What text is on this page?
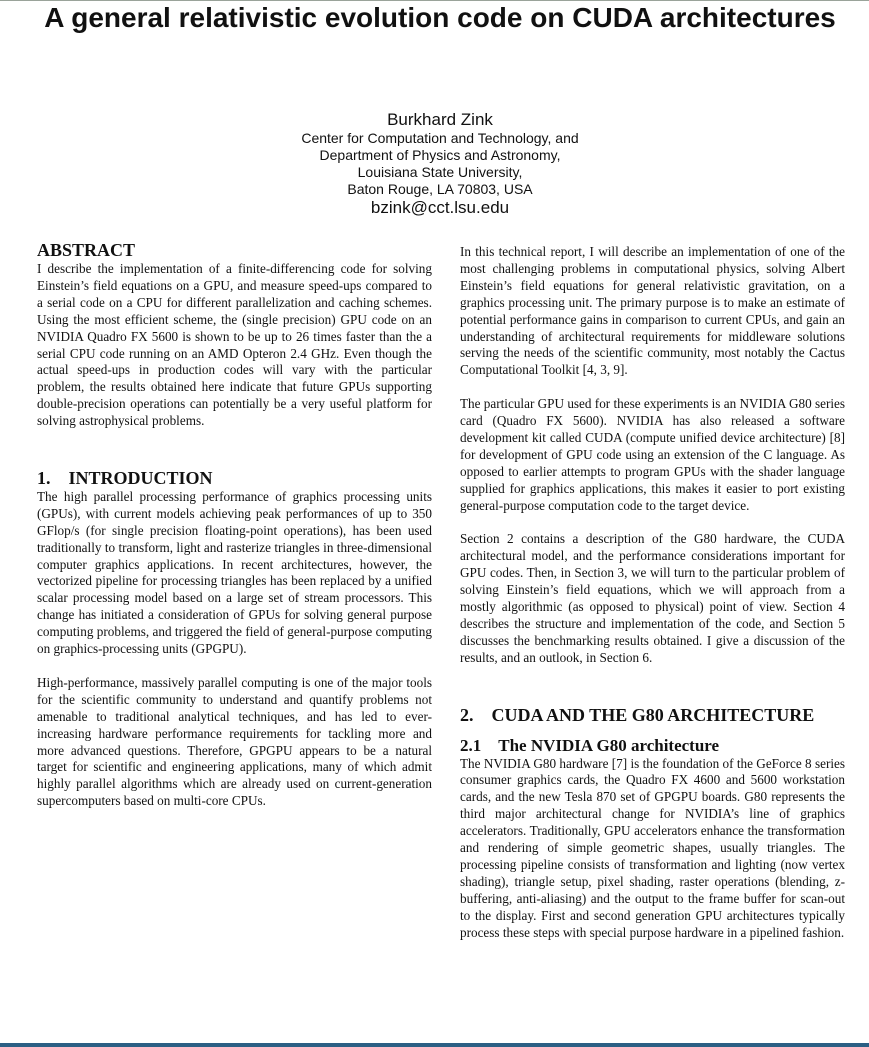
A general relativistic evolution code on CUDA architectures
Burkhard Zink
Center for Computation and Technology, and
Department of Physics and Astronomy,
Louisiana State University,
Baton Rouge, LA 70803, USA
bzink@cct.lsu.edu
ABSTRACT

I describe the implementation of a finite-differencing code for solving Einstein’s field equations on a GPU, and measure speed-ups compared to a serial code on a CPU for different parallelization and caching schemes. Using the most efficient scheme, the (single precision) GPU code on an NVIDIA Quadro FX 5600 is shown to be up to 26 times faster than the a serial CPU code running on an AMD Opteron 2.4 GHz. Even though the actual speed-ups in production codes will vary with the particular problem, the results obtained here indicate that future GPUs supporting double-precision operations can potentially be a very useful platform for solving astrophysical problems.

1. INTRODUCTION

The high parallel processing performance of graphics processing units (GPUs), with current models achieving peak performances of up to 350 GFlop/s (for single precision floating-point operations), has been used traditionally to transform, light and rasterize triangles in three-dimensional computer graphics applications. In recent architectures, however, the vectorized pipeline for processing triangles has been replaced by a unified scalar processing model based on a large set of stream processors. This change has initiated a consideration of GPUs for solving general purpose computing problems, and triggered the field of general-purpose computing on graphics-processing units (GPGPU).

High-performance, massively parallel computing is one of the major tools for the scientific community to understand and quantify problems not amenable to traditional analytical techniques, and has led to ever-increasing hardware performance requirements for tackling more and more advanced questions. Therefore, GPGPU appears to be a natural target for scientific and engineering applications, many of which admit highly parallel algorithms which are already used on current-generation supercomputers based on multi-core CPUs.

In this technical report, I will describe an implementation of one of the most challenging problems in computational physics, solving Albert Einstein’s field equations for general relativistic gravitation, on a graphics processing unit. The primary purpose is to make an estimate of potential performance gains in comparison to current CPUs, and gain an understanding of architectural requirements for middleware solutions serving the needs of the scientific community, most notably the Cactus Computational Toolkit [4, 3, 9].

The particular GPU used for these experiments is an NVIDIA G80 series card (Quadro FX 5600). NVIDIA has also released a software development kit called CUDA (compute unified device architecture) [8] for development of GPU code using an extension of the C language. As opposed to earlier attempts to program GPUs with the shader language supplied for graphics applications, this makes it easier to port existing general-purpose computation code to the target device.

Section 2 contains a description of the G80 hardware, the CUDA architectural model, and the performance considerations important for GPU codes. Then, in Section 3, we will turn to the particular problem of solving Einstein’s field equations, which we will approach from a mostly algorithmic (as opposed to physical) point of view. Section 4 describes the structure and implementation of the code, and Section 5 discusses the benchmarking results obtained. I give a discussion of the results, and an outlook, in Section 6.

2. CUDA AND THE G80 ARCHITECTURE
2.1 The NVIDIA G80 architecture

The NVIDIA G80 hardware [7] is the foundation of the GeForce 8 series consumer graphics cards, the Quadro FX 4600 and 5600 workstation cards, and the new Tesla 870 set of GPGPU boards. G80 represents the third major architectural change for NVIDIA’s line of graphics accelerators. Traditionally, GPU accelerators enhance the transformation and rendering of simple geometric shapes, usually triangles. The processing pipeline consists of transformation and lighting (now vertex shading), triangle setup, pixel shading, raster operations (blending, z-buffering, anti-aliasing) and the output to the frame buffer for scan-out to the display. First and second generation GPU architectures typically process these steps with special purpose hardware in a pipelined fashion.
